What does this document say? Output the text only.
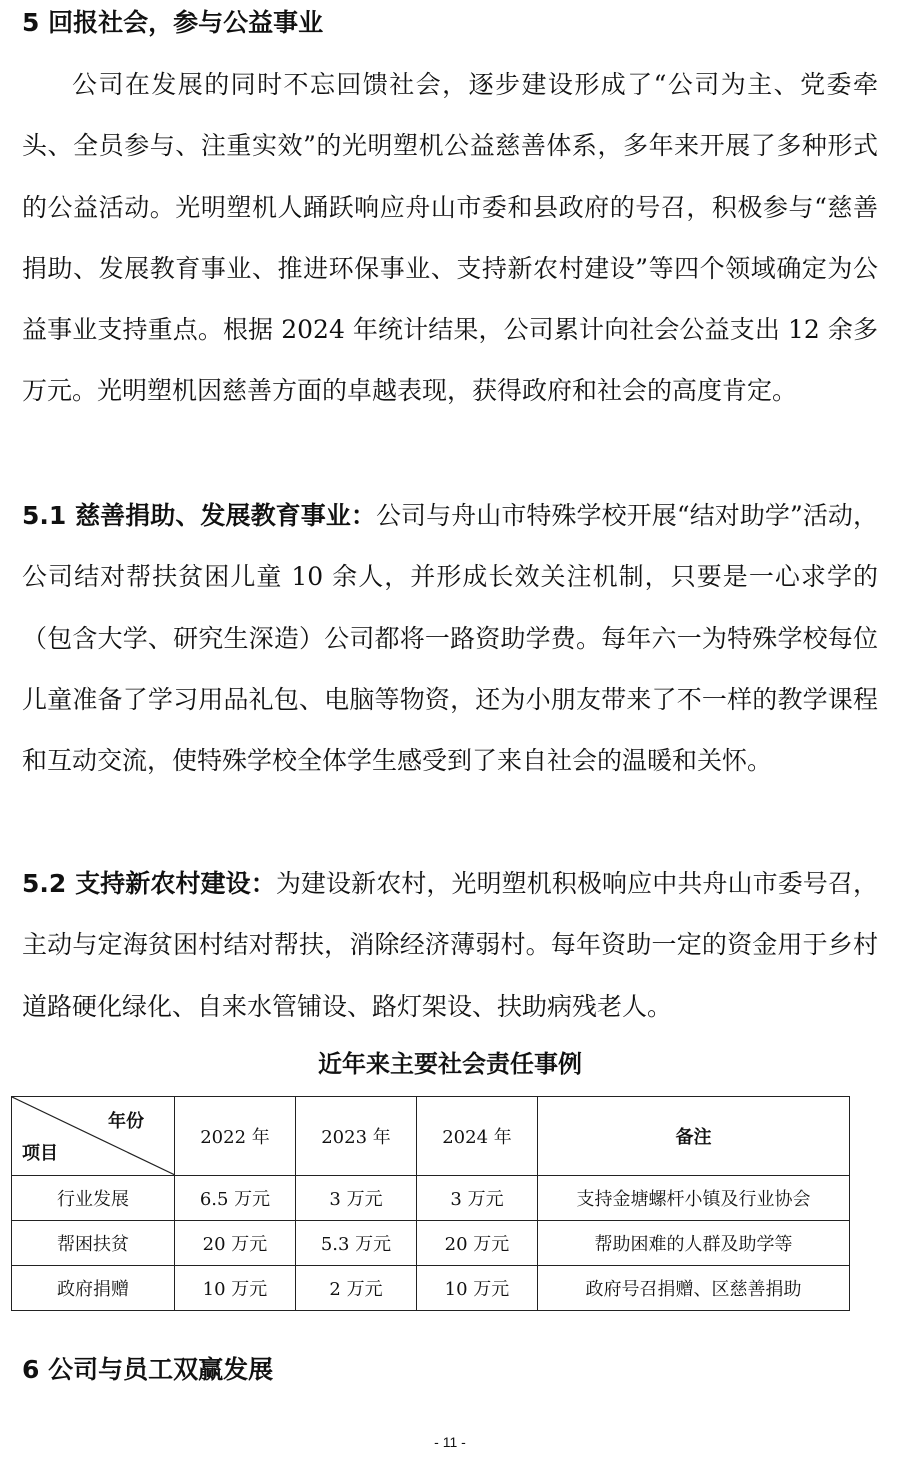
5 回报社会，参与公益事业

公司在发展的同时不忘回馈社会，逐步建设形成了“公司为主、党委牵头、全员参与、注重实效”的光明塑机公益慈善体系，多年来开展了多种形式的公益活动。光明塑机人踊跃响应舟山市委和县政府的号召，积极参与“慈善捐助、发展教育事业、推进环保事业、支持新农村建设”等四个领域确定为公益事业支持重点。根据 2024 年统计结果，公司累计向社会公益支出 12 余多万元。光明塑机因慈善方面的卓越表现，获得政府和社会的高度肯定。

5.1 慈善捐助、发展教育事业：公司与舟山市特殊学校开展“结对助学”活动，公司结对帮扶贫困儿童 10 余人，并形成长效关注机制，只要是一心求学的（包含大学、研究生深造）公司都将一路资助学费。每年六一为特殊学校每位儿童准备了学习用品礼包、电脑等物资，还为小朋友带来了不一样的教学课程和互动交流，使特殊学校全体学生感受到了来自社会的温暖和关怀。

5.2 支持新农村建设：为建设新农村，光明塑机积极响应中共舟山市委号召，主动与定海贫困村结对帮扶，消除经济薄弱村。每年资助一定的资金用于乡村道路硬化绿化、自来水管铺设、路灯架设、扶助病残老人。

近年来主要社会责任事例
年份
项目	2022 年	2023 年	2024 年	备注
行业发展	6.5 万元	3 万元	3 万元	支持金塘螺杆小镇及行业协会
帮困扶贫	20 万元	5.3 万元	20 万元	帮助困难的人群及助学等
政府捐赠	10 万元	2 万元	10 万元	政府号召捐赠、区慈善捐助
6 公司与员工双赢发展
- 11 -
